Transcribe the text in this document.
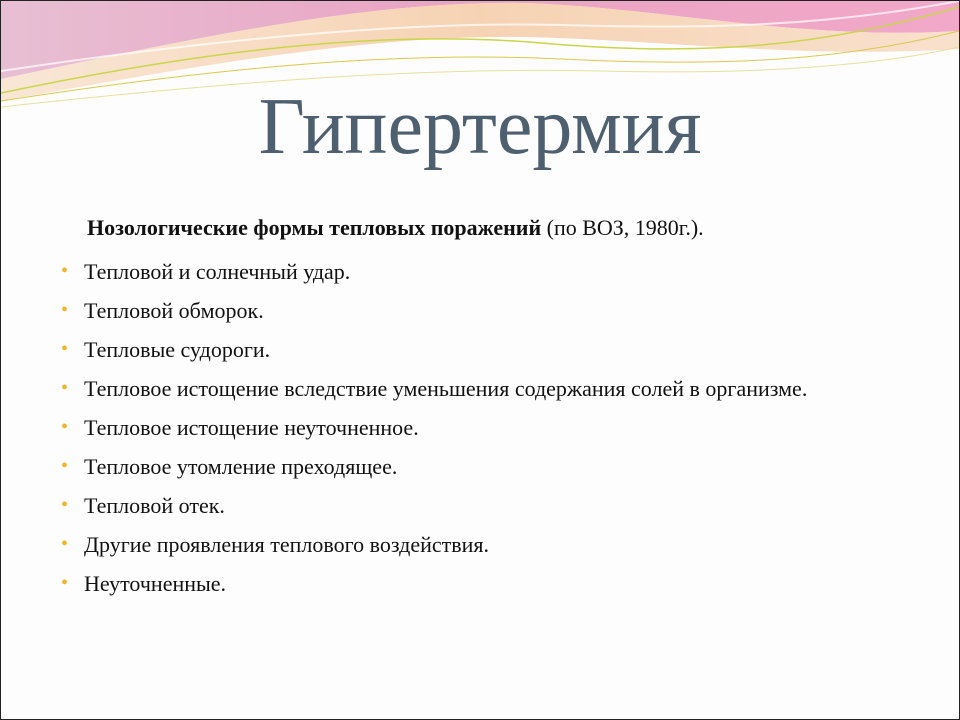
Гипертермия

Нозологические формы тепловых поражений (по ВОЗ, 1980г.).

• Тепловой и солнечный удар.
• Тепловой обморок.
• Тепловые судороги.
• Тепловое истощение вследствие уменьшения содержания солей в организме.
• Тепловое истощение неуточненное.
• Тепловое утомление преходящее.
• Тепловой отек.
• Другие проявления теплового воздействия.
• Неуточненные.
